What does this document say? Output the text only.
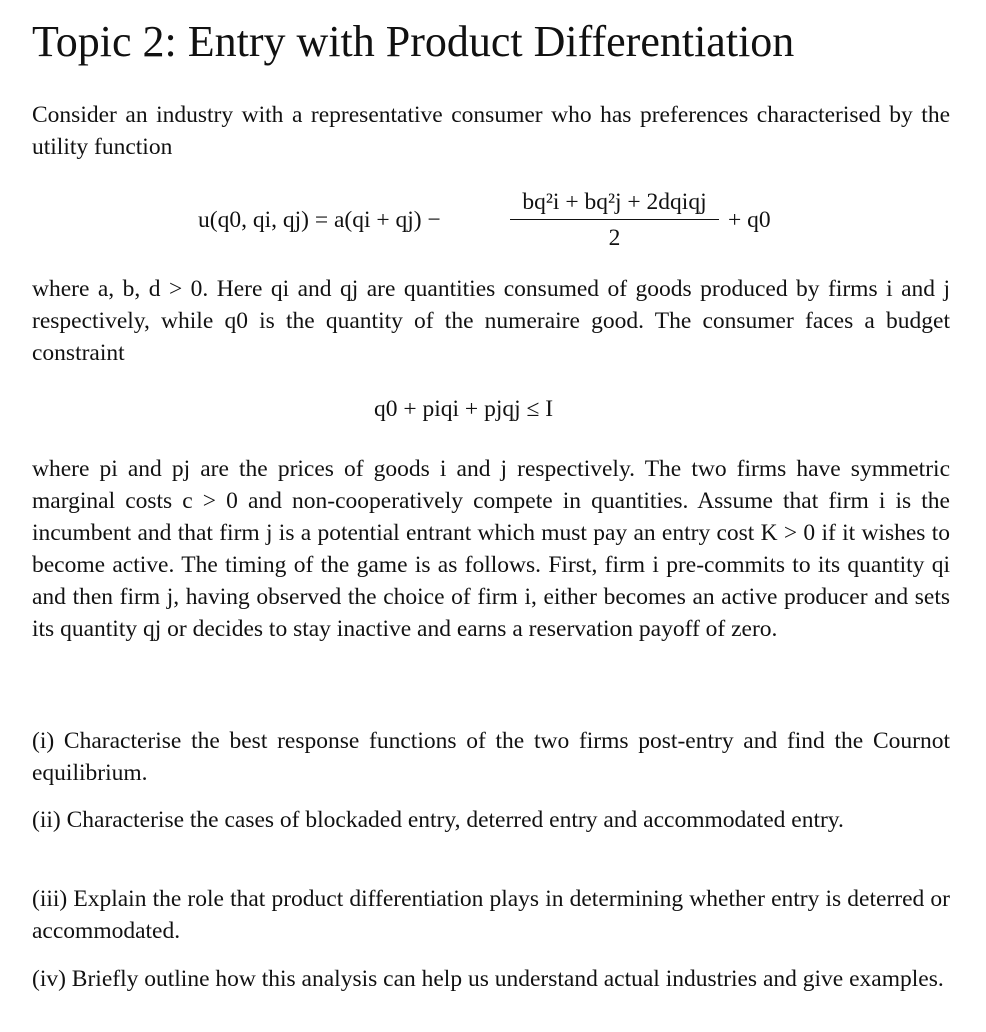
Topic 2: Entry with Product Differentiation

Consider an industry with a representative consumer who has preferences characterised by the utility function

u(q0, qi, qj) = a(qi + qj) −
bq²i + bq²j + 2dqiqj
2
+ q0

where a, b, d > 0. Here qi and qj are quantities consumed of goods produced by firms i and j respectively, while q0 is the quantity of the numeraire good. The consumer faces a budget constraint

q0 + piqi + pjqj ≤ I

where pi and pj are the prices of goods i and j respectively. The two firms have symmetric marginal costs c > 0 and non-cooperatively compete in quantities. Assume that firm i is the incumbent and that firm j is a potential entrant which must pay an entry cost K > 0 if it wishes to become active. The timing of the game is as follows. First, firm i pre-commits to its quantity qi and then firm j, having observed the choice of firm i, either becomes an active producer and sets its quantity qj or decides to stay inactive and earns a reservation payoff of zero.

(i) Characterise the best response functions of the two firms post-entry and find the Cournot equilibrium.

(ii) Characterise the cases of blockaded entry, deterred entry and accommodated entry.

(iii) Explain the role that product differentiation plays in determining whether entry is deterred or accommodated.

(iv) Briefly outline how this analysis can help us understand actual industries and give examples.
